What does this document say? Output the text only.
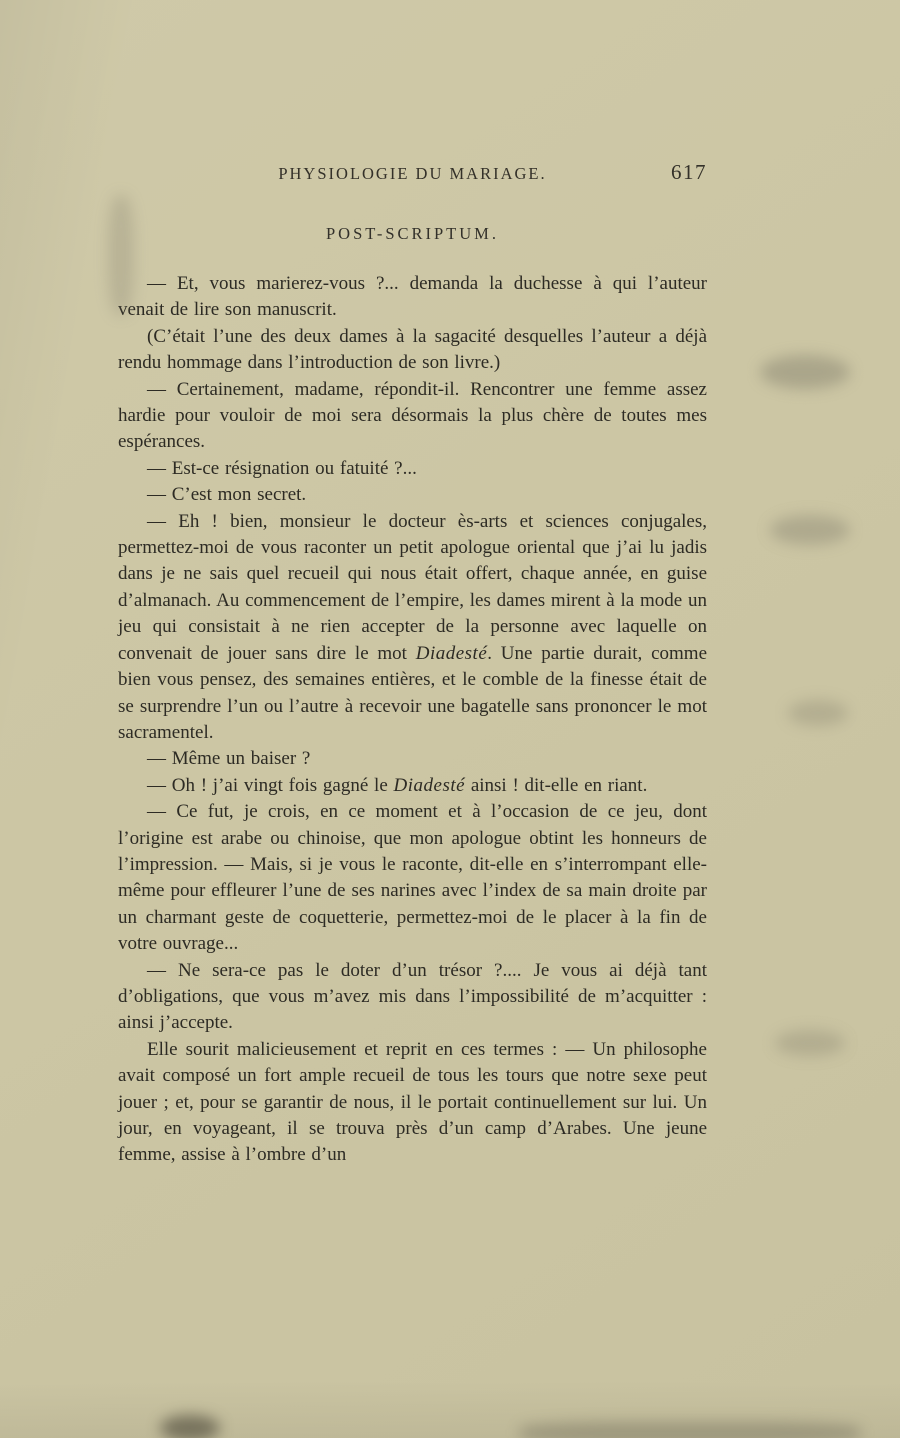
PHYSIOLOGIE DU MARIAGE.	617
POST-SCRIPTUM.

— Et, vous marierez-vous ?... demanda la duchesse à qui l’auteur venait de lire son manuscrit.

(C’était l’une des deux dames à la sagacité desquelles l’auteur a déjà rendu hommage dans l’introduction de son livre.)

— Certainement, madame, répondit-il. Rencontrer une femme assez hardie pour vouloir de moi sera désormais la plus chère de toutes mes espérances.

— Est-ce résignation ou fatuité ?...

— C’est mon secret.

— Eh ! bien, monsieur le docteur ès-arts et sciences conjugales, permettez-moi de vous raconter un petit apologue oriental que j’ai lu jadis dans je ne sais quel recueil qui nous était offert, chaque année, en guise d’almanach. Au commencement de l’empire, les dames mirent à la mode un jeu qui consistait à ne rien accepter de la personne avec laquelle on convenait de jouer sans dire le mot Diadesté. Une partie durait, comme bien vous pensez, des semaines entières, et le comble de la finesse était de se surprendre l’un ou l’autre à recevoir une bagatelle sans prononcer le mot sacramentel.

— Même un baiser ?

— Oh ! j’ai vingt fois gagné le Diadesté ainsi ! dit-elle en riant.

— Ce fut, je crois, en ce moment et à l’occasion de ce jeu, dont l’origine est arabe ou chinoise, que mon apologue obtint les honneurs de l’impression. — Mais, si je vous le raconte, dit-elle en s’interrompant elle-même pour effleurer l’une de ses narines avec l’index de sa main droite par un charmant geste de coquetterie, permettez-moi de le placer à la fin de votre ouvrage...

— Ne sera-ce pas le doter d’un trésor ?.... Je vous ai déjà tant d’obligations, que vous m’avez mis dans l’impossibilité de m’acquitter : ainsi j’accepte.

Elle sourit malicieusement et reprit en ces termes : — Un philosophe avait composé un fort ample recueil de tous les tours que notre sexe peut jouer ; et, pour se garantir de nous, il le portait continuellement sur lui. Un jour, en voyageant, il se trouva près d’un camp d’Arabes. Une jeune femme, assise à l’ombre d’un
